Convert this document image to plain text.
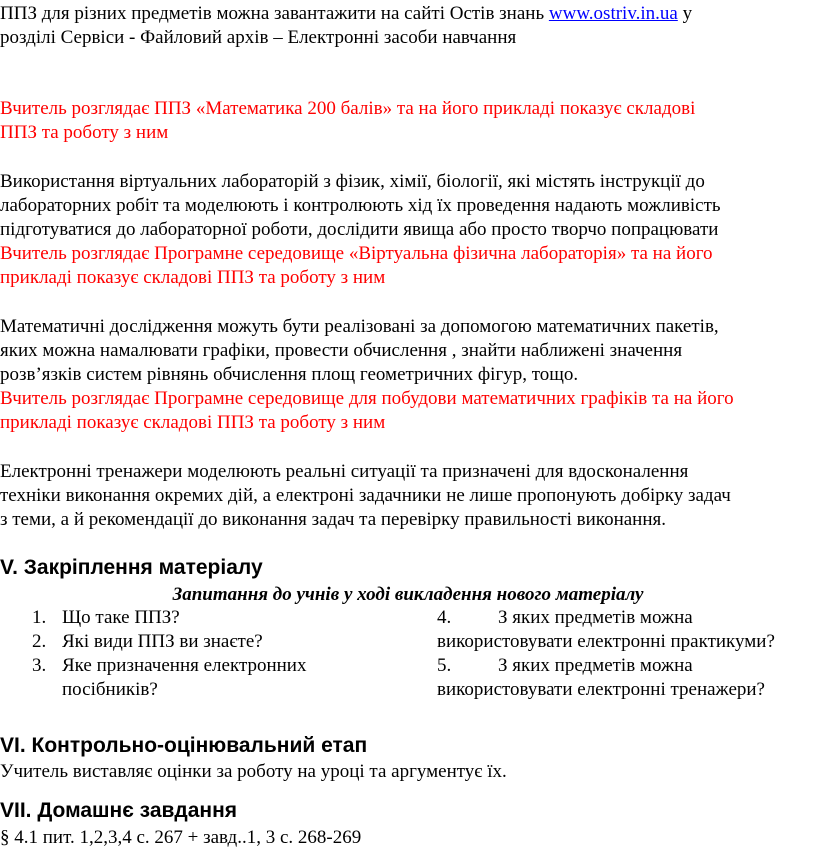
ППЗ для різних предметів можна завантажити на сайті Остів знань www.ostriv.in.ua у
розділі Сервіси - Файловий архів – Електронні засоби навчання
Вчитель розглядає ППЗ «Математика 200 балів» та на його прикладі показує складові
ППЗ та роботу з ним
Використання віртуальних лабораторій з фізик, хімії, біології, які містять інструкції до
лабораторних робіт та моделюють і контролюють хід їх проведення надають можливість
підготуватися до лабораторної роботи, дослідити явища або просто творчо попрацювати
Вчитель розглядає Програмне середовище «Віртуальна фізична лабораторія» та на його
прикладі показує складові ППЗ та роботу з ним
Математичні дослідження можуть бути реалізовані за допомогою математичних пакетів,
яких можна намалювати графіки, провести обчислення , знайти наближені значення
розв’язків систем рівнянь обчислення площ геометричних фігур, тощо.
Вчитель розглядає Програмне середовище для побудови математичних графіків та на його
прикладі показує складові ППЗ та роботу з ним
Електронні тренажери моделюють реальні ситуації та призначені для вдосконалення
техніки виконання окремих дій, а електроні задачники не лише пропонують добірку задач
з теми, а й рекомендації до виконання задач та перевірку правильності виконання.
V. Закріплення матеріалу
Запитання до учнів у ході викладення нового матеріалу
1. Що таке ППЗ?
2. Які види ППЗ ви знаєте?
3. Яке призначення електронних
посібників?
4. З яких предметів можна
використовувати електронні практикуми?
5. З яких предметів можна
використовувати електронні тренажери?
VI. Контрольно-оцінювальний етап
Учитель виставляє оцінки за роботу на уроці та аргументує їх.
VII. Домашнє завдання
§ 4.1 пит. 1,2,3,4 с. 267 + завд..1, 3 с. 268-269
